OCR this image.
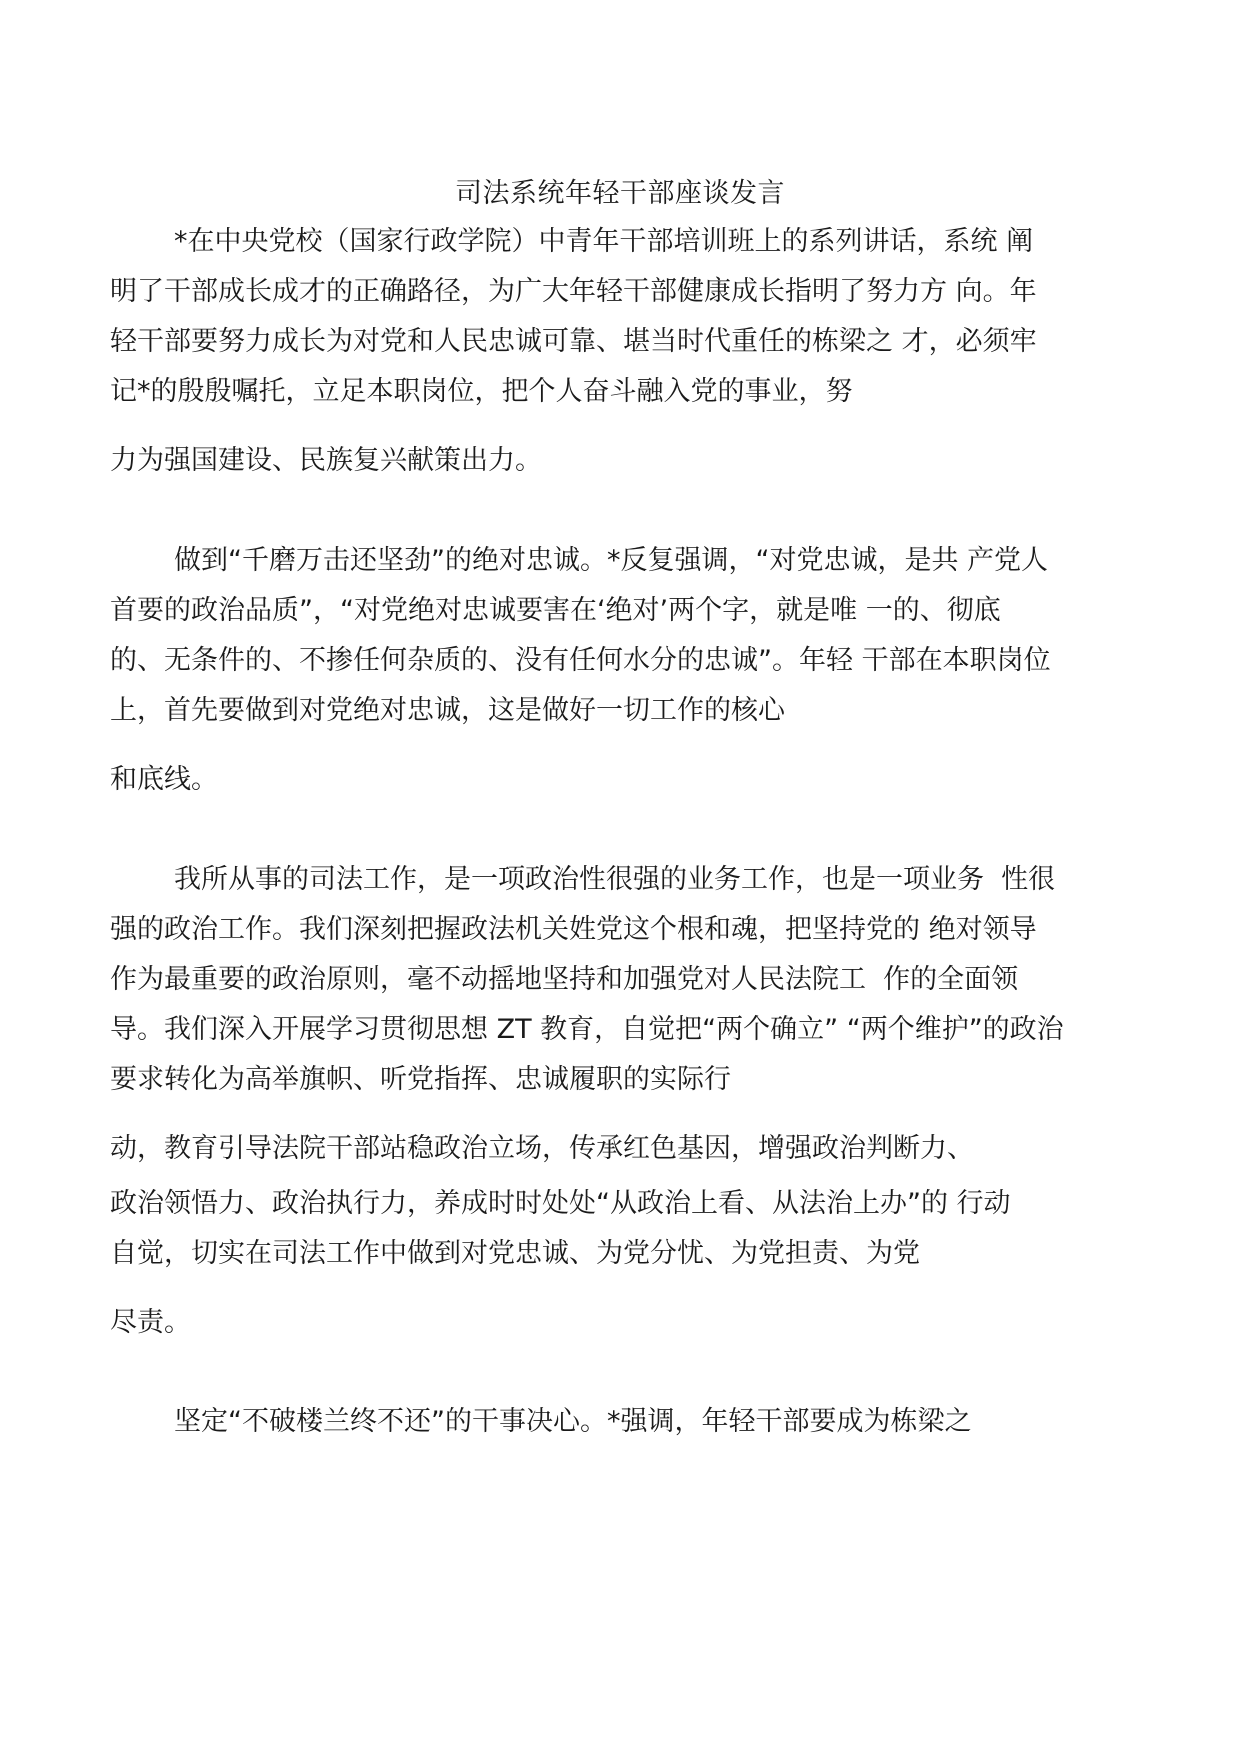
司法系统年轻干部座谈发言
*在中央党校（国家行政学院）中青年干部培训班上的系列讲话，系统 阐
明了干部成长成才的正确路径，为广大年轻干部健康成长指明了努力方 向。年
轻干部要努力成长为对党和人民忠诚可靠、堪当时代重任的栋梁之 才，必须牢
记*的殷殷嘱托，立足本职岗位，把个人奋斗融入党的事业，努
力为强国建设、民族复兴献策出力。
做到“千磨万击还坚劲”的绝对忠诚。*反复强调，“对党忠诚，是共 产党人
首要的政治品质”，“对党绝对忠诚要害在‘绝对’两个字，就是唯 一的、彻底
的、无条件的、不掺任何杂质的、没有任何水分的忠诚”。年轻 干部在本职岗位
上，首先要做到对党绝对忠诚，这是做好一切工作的核心
和底线。
我所从事的司法工作，是一项政治性很强的业务工作，也是一项业务  性很
强的政治工作。我们深刻把握政法机关姓党这个根和魂，把坚持党的 绝对领导
作为最重要的政治原则，毫不动摇地坚持和加强党对人民法院工  作的全面领
导。我们深入开展学习贯彻思想 ZT 教育，自觉把“两个确立” “两个维护”的政治
要求转化为高举旗帜、听党指挥、忠诚履职的实际行
动，教育引导法院干部站稳政治立场，传承红色基因，增强政治判断力、
政治领悟力、政治执行力，养成时时处处“从政治上看、从法治上办”的 行动
自觉，切实在司法工作中做到对党忠诚、为党分忧、为党担责、为党
尽责。
坚定“不破楼兰终不还”的干事决心。*强调，年轻干部要成为栋梁之
